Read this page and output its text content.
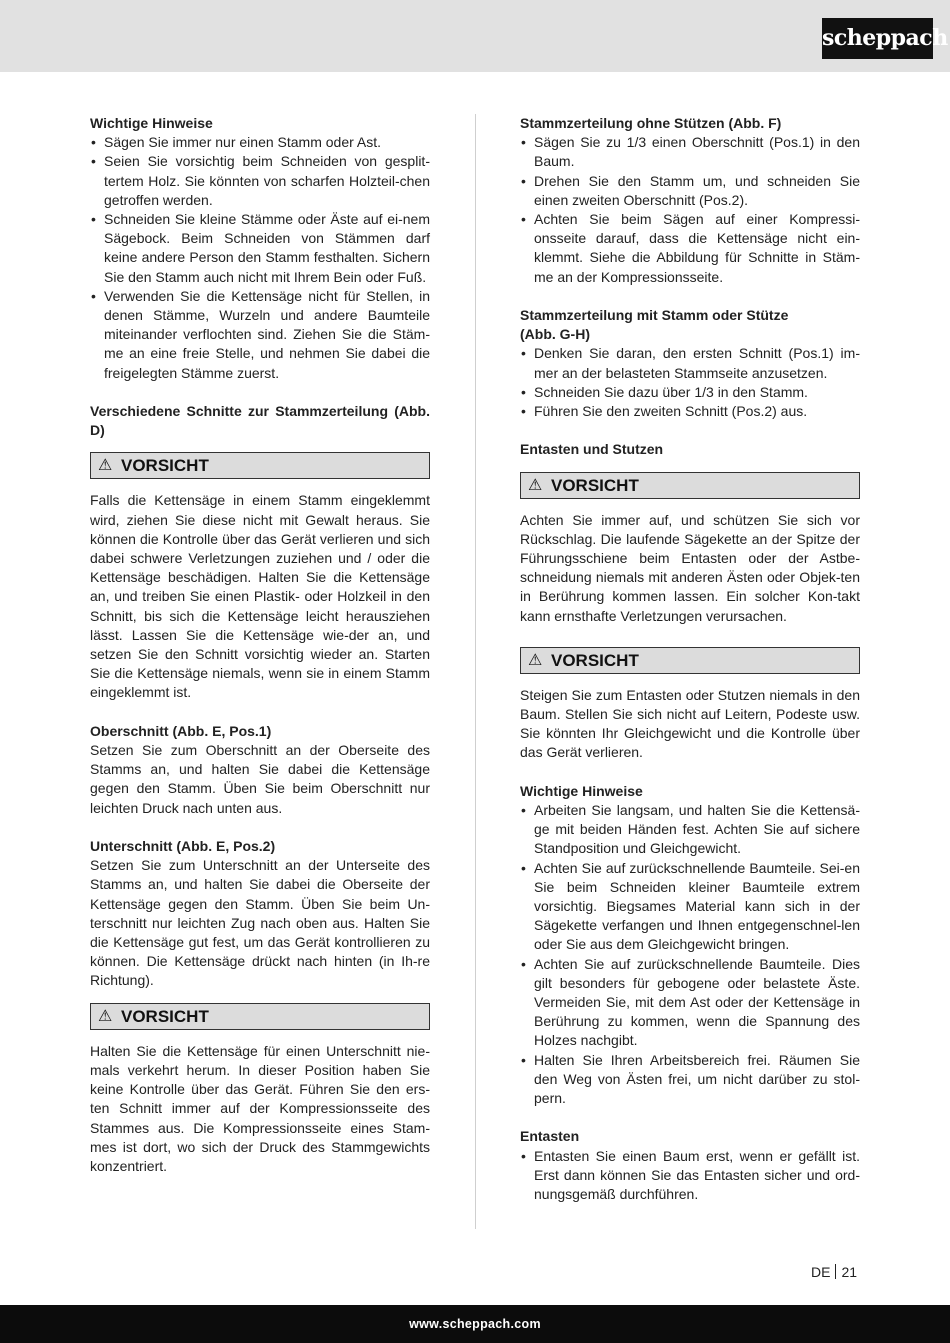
scheppach
Wichtige Hinweise
• Sägen Sie immer nur einen Stamm oder Ast.
• Seien Sie vorsichtig beim Schneiden von gesplit-tertem Holz. Sie könnten von scharfen Holzteil-chen getroffen werden.
• Schneiden Sie kleine Stämme oder Äste auf ei-nem Sägebock. Beim Schneiden von Stämmen darf keine andere Person den Stamm festhalten. Sichern Sie den Stamm auch nicht mit Ihrem Bein oder Fuß.
• Verwenden Sie die Kettensäge nicht für Stellen, in denen Stämme, Wurzeln und andere Baumteile miteinander verflochten sind. Ziehen Sie die Stäm-me an eine freie Stelle, und nehmen Sie dabei die freigelegten Stämme zuerst.
Verschiedene Schnitte zur Stammzerteilung (Abb. D)
⚠ VORSICHT
Falls die Kettensäge in einem Stamm eingeklemmt wird, ziehen Sie diese nicht mit Gewalt heraus. Sie können die Kontrolle über das Gerät verlieren und sich dabei schwere Verletzungen zuziehen und / oder die Kettensäge beschädigen. Halten Sie die Kettensäge an, und treiben Sie einen Plastik- oder Holzkeil in den Schnitt, bis sich die Kettensäge leicht herausziehen lässt. Lassen Sie die Kettensäge wie-der an, und setzen Sie den Schnitt vorsichtig wieder an. Starten Sie die Kettensäge niemals, wenn sie in einem Stamm eingeklemmt ist.
Oberschnitt (Abb. E, Pos.1)
Setzen Sie zum Oberschnitt an der Oberseite des Stamms an, und halten Sie dabei die Kettensäge gegen den Stamm. Üben Sie beim Oberschnitt nur leichten Druck nach unten aus.
Unterschnitt (Abb. E, Pos.2)
Setzen Sie zum Unterschnitt an der Unterseite des Stamms an, und halten Sie dabei die Oberseite der Kettensäge gegen den Stamm. Üben Sie beim Un-terschnitt nur leichten Zug nach oben aus. Halten Sie die Kettensäge gut fest, um das Gerät kontrollieren zu können. Die Kettensäge drückt nach hinten (in Ih-re Richtung).
⚠ VORSICHT
Halten Sie die Kettensäge für einen Unterschnitt nie-mals verkehrt herum. In dieser Position haben Sie keine Kontrolle über das Gerät. Führen Sie den ers-ten Schnitt immer auf der Kompressionsseite des Stammes aus. Die Kompressionsseite eines Stam-mes ist dort, wo sich der Druck des Stammgewichts konzentriert.
Stammzerteilung ohne Stützen (Abb. F)
• Sägen Sie zu 1/3 einen Oberschnitt (Pos.1) in den Baum.
• Drehen Sie den Stamm um, und schneiden Sie einen zweiten Oberschnitt (Pos.2).
• Achten Sie beim Sägen auf einer Kompressi-onsseite darauf, dass die Kettensäge nicht ein-klemmt. Siehe die Abbildung für Schnitte in Stäm-me an der Kompressionsseite.
Stammzerteilung mit Stamm oder Stütze
(Abb. G-H)
• Denken Sie daran, den ersten Schnitt (Pos.1) im-mer an der belasteten Stammseite anzusetzen.
• Schneiden Sie dazu über 1/3 in den Stamm.
• Führen Sie den zweiten Schnitt (Pos.2) aus.
Entasten und Stutzen
⚠ VORSICHT
Achten Sie immer auf, und schützen Sie sich vor Rückschlag. Die laufende Sägekette an der Spitze der Führungsschiene beim Entasten oder der Astbe-schneidung niemals mit anderen Ästen oder Objek-ten in Berührung kommen lassen. Ein solcher Kon-takt kann ernsthafte Verletzungen verursachen.
⚠ VORSICHT
Steigen Sie zum Entasten oder Stutzen niemals in den Baum. Stellen Sie sich nicht auf Leitern, Podeste usw. Sie könnten Ihr Gleichgewicht und die Kontrolle über das Gerät verlieren.
Wichtige Hinweise
• Arbeiten Sie langsam, und halten Sie die Kettensä-ge mit beiden Händen fest. Achten Sie auf sichere Standposition und Gleichgewicht.
• Achten Sie auf zurückschnellende Baumteile. Sei-en Sie beim Schneiden kleiner Baumteile extrem vorsichtig. Biegsames Material kann sich in der Sägekette verfangen und Ihnen entgegenschnel-len oder Sie aus dem Gleichgewicht bringen.
• Achten Sie auf zurückschnellende Baumteile. Dies gilt besonders für gebogene oder belastete Äste. Vermeiden Sie, mit dem Ast oder der Kettensäge in Berührung zu kommen, wenn die Spannung des Holzes nachgibt.
• Halten Sie Ihren Arbeitsbereich frei. Räumen Sie den Weg von Ästen frei, um nicht darüber zu stol-pern.
Entasten
• Entasten Sie einen Baum erst, wenn er gefällt ist. Erst dann können Sie das Entasten sicher und ord-nungsgemäß durchführen.
DE 21
www.scheppach.com
